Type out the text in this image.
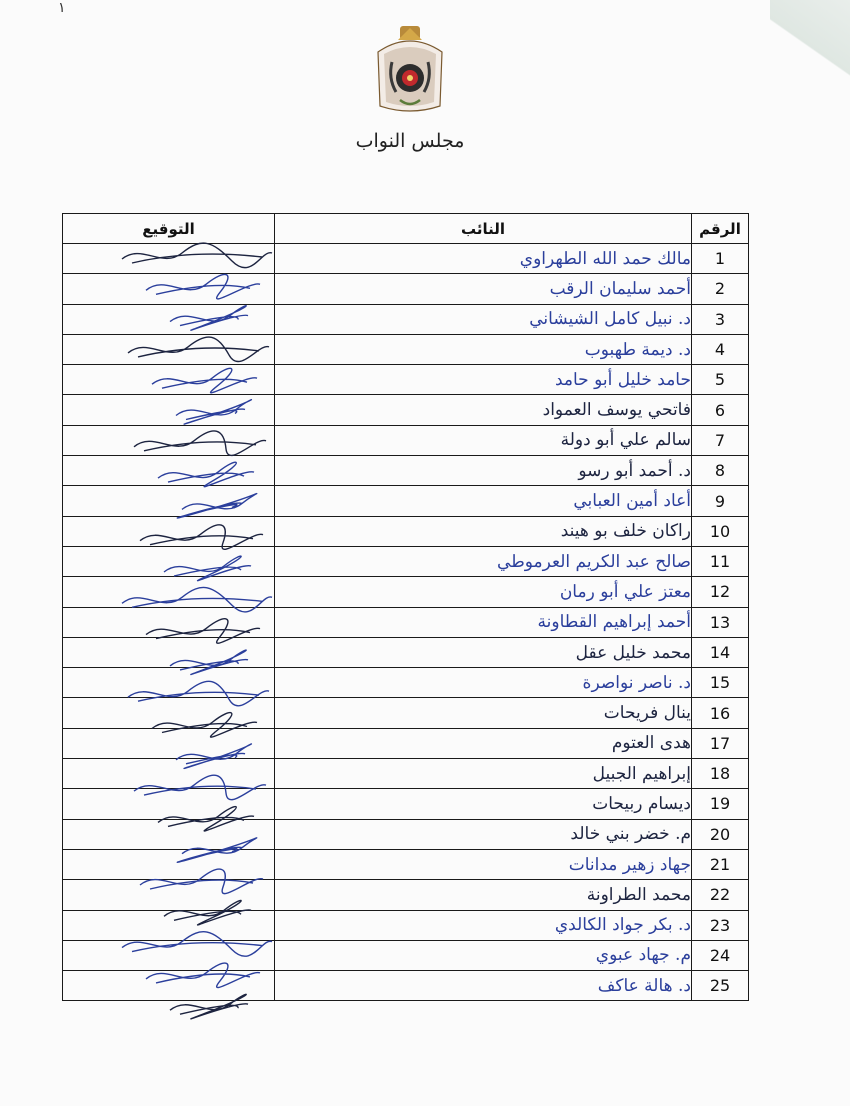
١
مجلس النواب
التوقيع	النائب	الرقم
	مالك حمد الله الطهراوي	1
	أحمد سليمان الرقب	2
	د. نبيل كامل الشيشاني	3
	د. ديمة طهبوب	4
	حامد خليل أبو حامد	5
	فاتحي يوسف العمواد	6
	سالم علي أبو دولة	7
	د. أحمد أبو رسو	8
	أعاد أمين العبابي	9
	راكان خلف بو هيند	10
	صالح عبد الكريم العرموطي	11
	معتز علي أبو رمان	12
	أحمد إبراهيم القطاونة	13
	محمد خليل عقل	14
	د. ناصر نواصرة	15
	ينال فريحات	16
	هدى العتوم	17
	إبراهيم الجبيل	18
	ديسام ربيحات	19
	م. خضر بني خالد	20
	جهاد زهير مدانات	21
	محمد الطراونة	22
	د. بكر جواد الكالدي	23
	م. جهاد عبوي	24
	د. هالة عاكف	25
